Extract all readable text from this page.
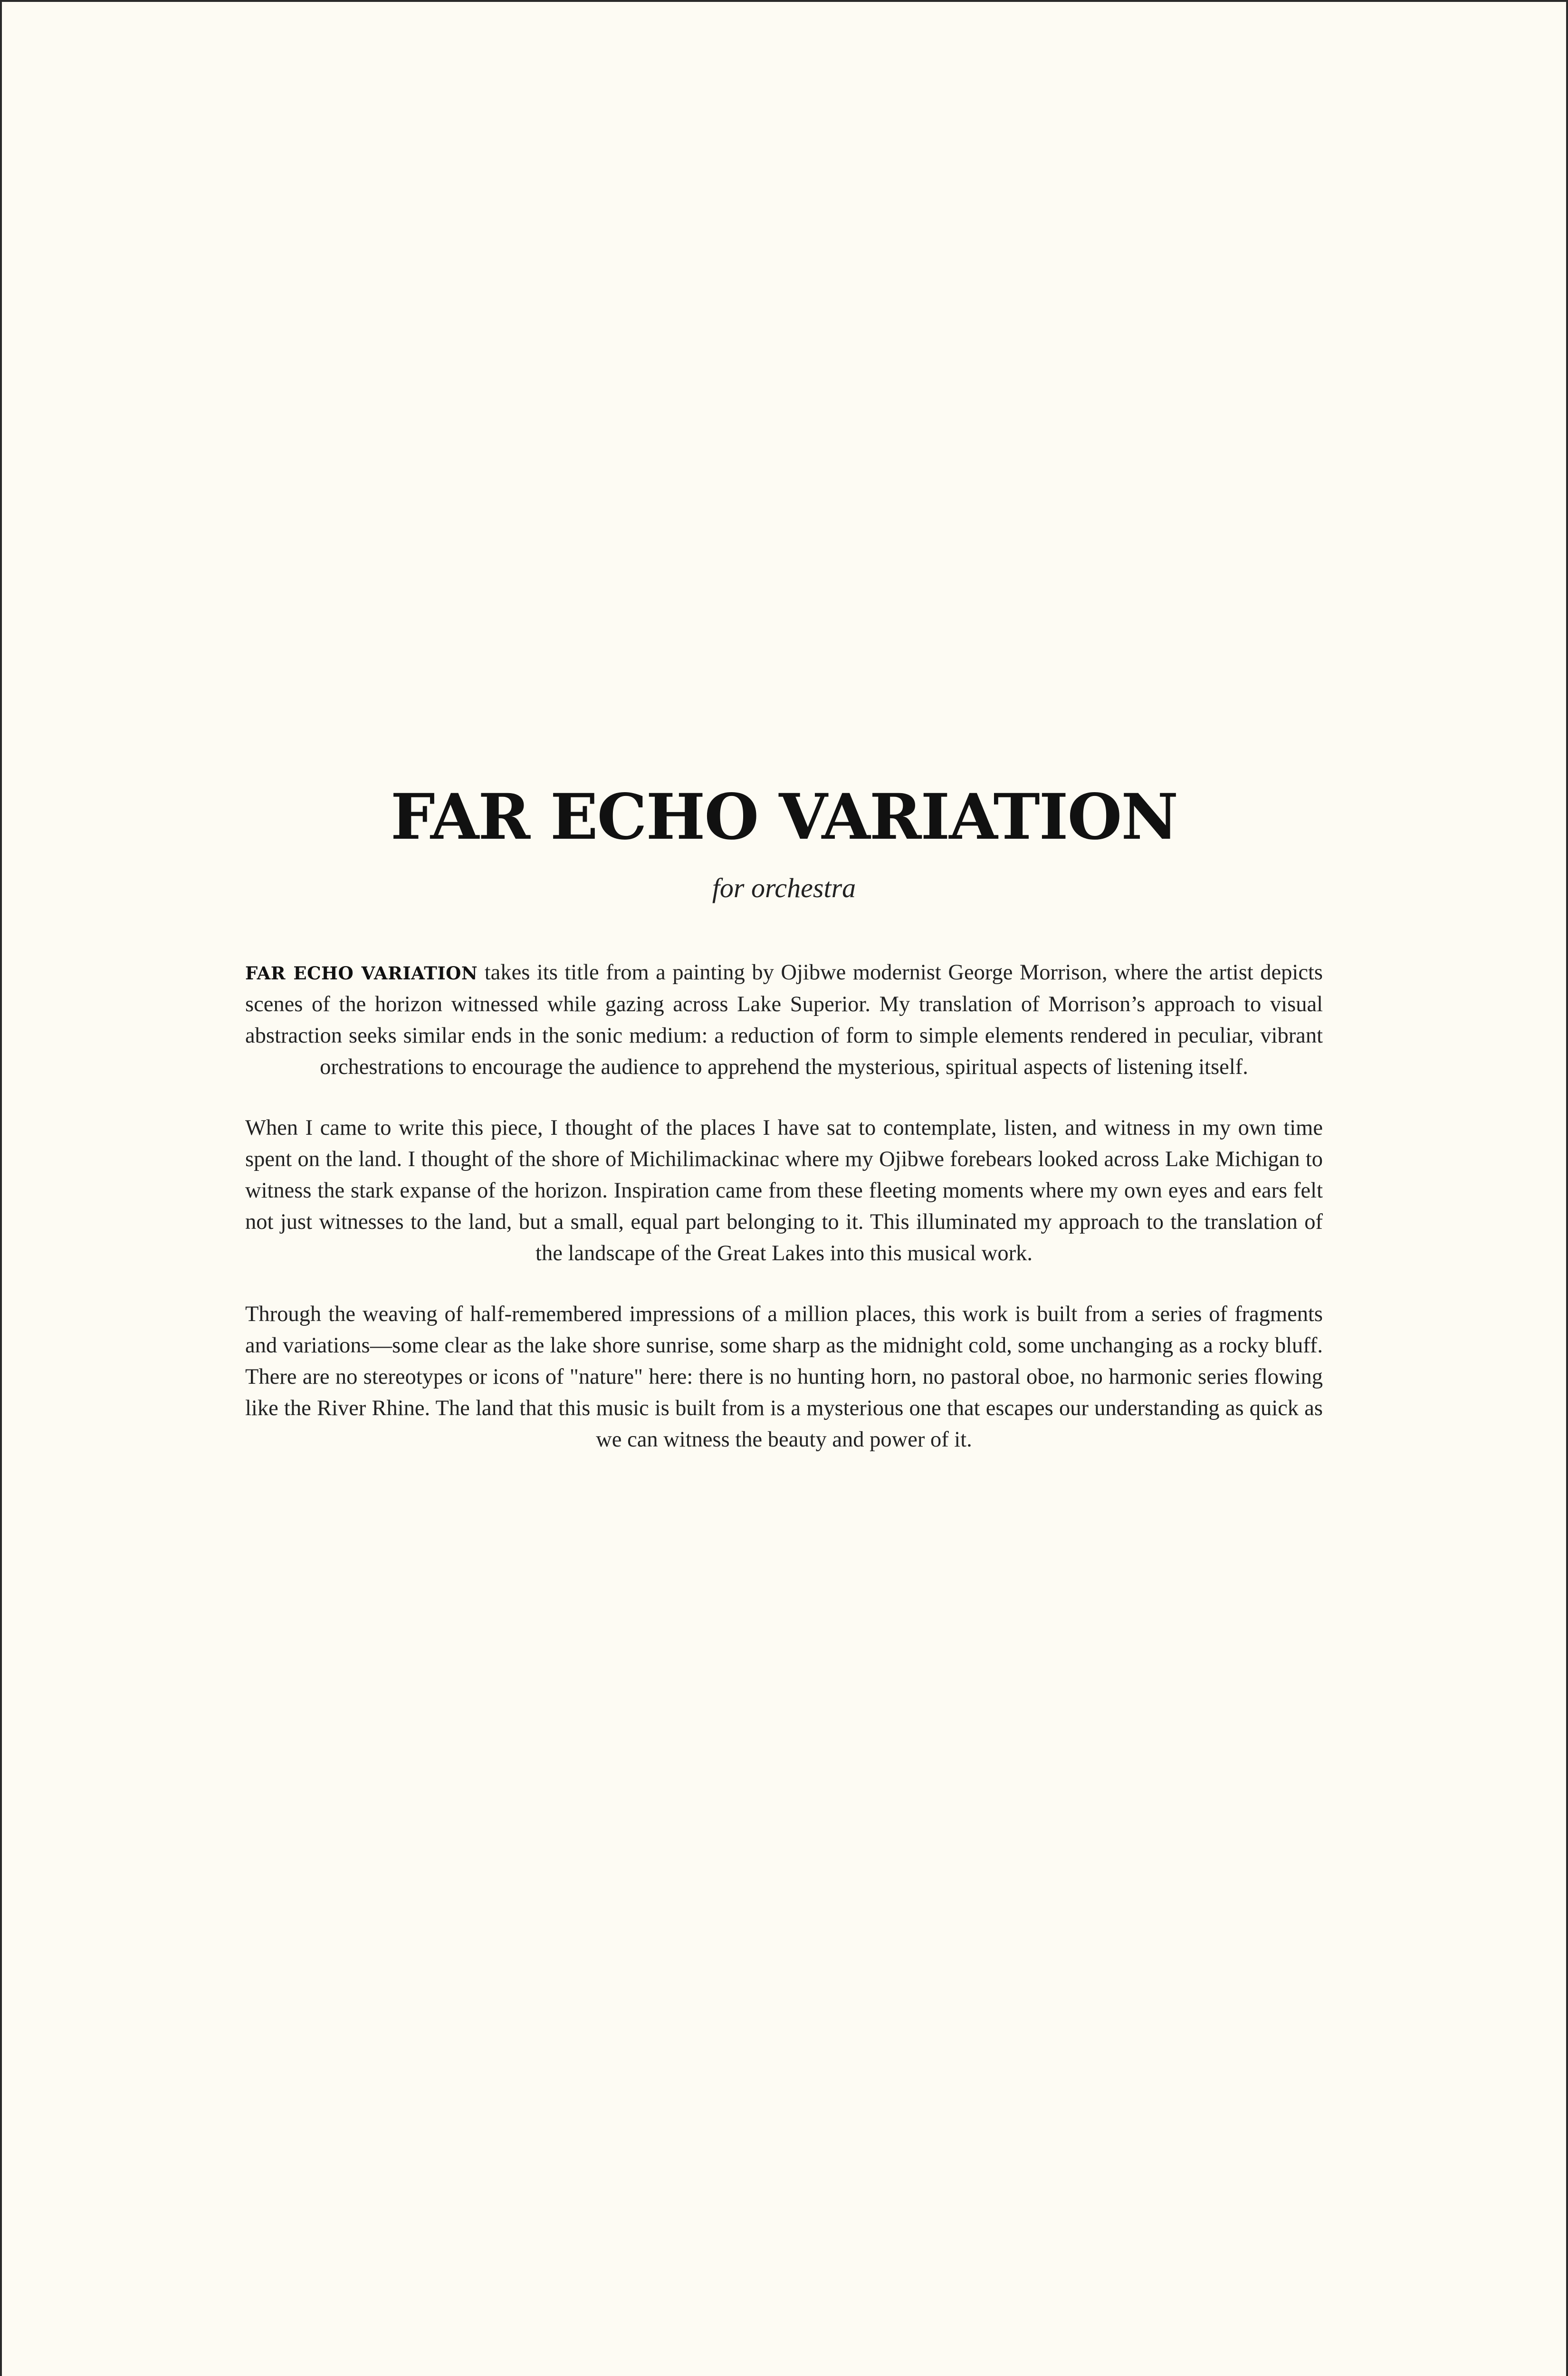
FAR ECHO VARIATION
for orchestra

FAR ECHO VARIATION takes its title from a painting by Ojibwe modernist George Morrison, where the artist depicts scenes of the horizon witnessed while gazing across Lake Superior. My translation of Morrison’s approach to visual abstraction seeks similar ends in the sonic medium: a reduction of form to simple elements rendered in peculiar, vibrant orchestrations to encourage the audience to apprehend the mysterious, spiritual aspects of listening itself.

When I came to write this piece, I thought of the places I have sat to contemplate, listen, and witness in my own time spent on the land. I thought of the shore of Michilimackinac where my Ojibwe forebears looked across Lake Michigan to witness the stark expanse of the horizon. Inspiration came from these fleeting moments where my own eyes and ears felt not just witnesses to the land, but a small, equal part belonging to it. This illuminated my approach to the translation of the landscape of the Great Lakes into this musical work.

Through the weaving of half-remembered impressions of a million places, this work is built from a series of fragments and variations—some clear as the lake shore sunrise, some sharp as the midnight cold, some unchanging as a rocky bluff. There are no stereotypes or icons of "nature" here: there is no hunting horn, no pastoral oboe, no harmonic series flowing like the River Rhine. The land that this music is built from is a mysterious one that escapes our understanding as quick as we can witness the beauty and power of it.
